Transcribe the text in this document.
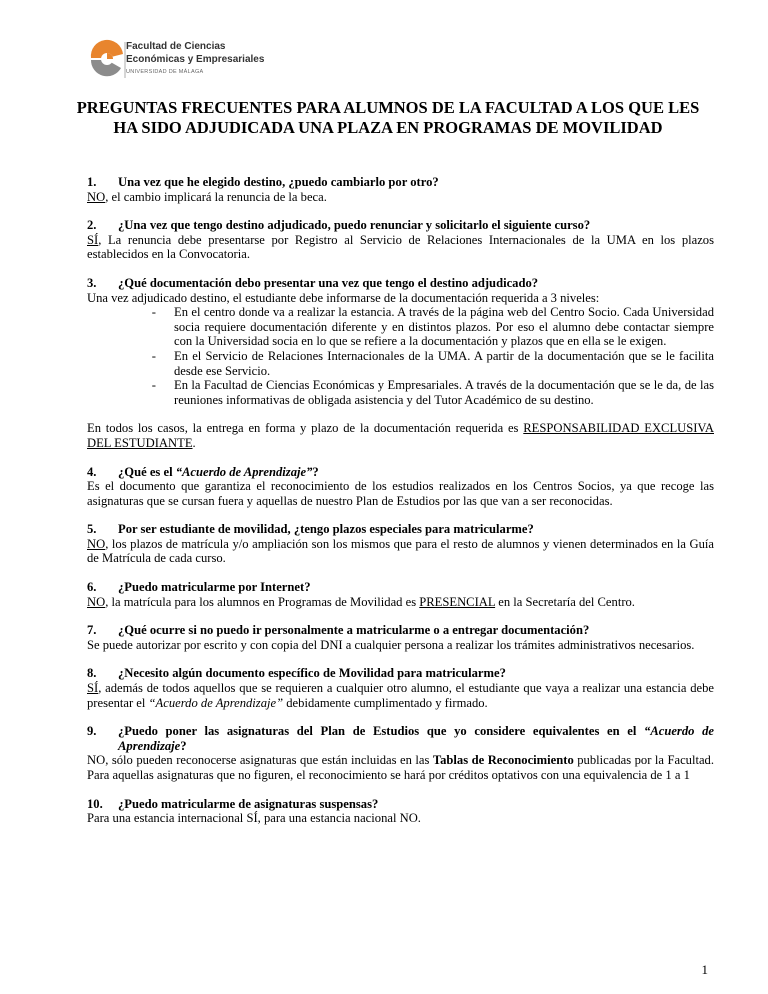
Facultad de Ciencias
Económicas y Empresariales
UNIVERSIDAD DE MÁLAGA
PREGUNTAS FRECUENTES PARA ALUMNOS DE LA FACULTAD A LOS QUE LES HA SIDO ADJUDICADA UNA PLAZA EN PROGRAMAS DE MOVILIDAD
1.	Una vez que he elegido destino, ¿puedo cambiarlo por otro?
NO, el cambio implicará la renuncia de la beca.
2.	¿Una vez que tengo destino adjudicado, puedo renunciar y solicitarlo el siguiente curso?
SÍ, La renuncia debe presentarse por Registro al Servicio de Relaciones Internacionales de la UMA en los plazos establecidos en la Convocatoria.
3.	¿Qué documentación debo presentar una vez que tengo el destino adjudicado?
Una vez adjudicado destino, el estudiante debe informarse de la documentación requerida a 3 niveles:
-	En el centro donde va a realizar la estancia. A través de la página web del Centro Socio. Cada Universidad socia requiere documentación diferente y en distintos plazos. Por eso el alumno debe contactar siempre con la Universidad socia en lo que se refiere a la documentación y plazos que en ella se le exigen.
-	En el Servicio de Relaciones Internacionales de la UMA. A partir de la documentación que se le facilita desde ese Servicio.
-	En la Facultad de Ciencias Económicas y Empresariales. A través de la documentación que se le da, de las reuniones informativas de obligada asistencia y del Tutor Académico de su destino.
En todos los casos, la entrega en forma y plazo de la documentación requerida es RESPONSABILIDAD EXCLUSIVA DEL ESTUDIANTE.
4.	¿Qué es el “Acuerdo de Aprendizaje”?
Es el documento que garantiza el reconocimiento de los estudios realizados en los Centros Socios, ya que recoge las asignaturas que se cursan fuera y aquellas de nuestro Plan de Estudios por las que van a ser reconocidas.
5.	Por ser estudiante de movilidad, ¿tengo plazos especiales para matricularme?
NO, los plazos de matrícula y/o ampliación son los mismos que para el resto de alumnos y vienen determinados en la Guía de Matrícula de cada curso.
6.	¿Puedo matricularme por Internet?
NO, la matrícula para los alumnos en Programas de Movilidad es PRESENCIAL en la Secretaría del Centro.
7.	¿Qué ocurre si no puedo ir personalmente a matricularme o a entregar documentación?
Se puede autorizar por escrito y con copia del DNI a cualquier persona a realizar los trámites administrativos necesarios.
8.	¿Necesito algún documento específico de Movilidad para matricularme?
SÍ, además de todos aquellos que se requieren a cualquier otro alumno, el estudiante que vaya a realizar una estancia debe presentar el “Acuerdo de Aprendizaje” debidamente cumplimentado y firmado.
9.	¿Puedo poner las asignaturas del Plan de Estudios que yo considere equivalentes en el “Acuerdo de Aprendizaje?
NO, sólo pueden reconocerse asignaturas que están incluidas en las Tablas de Reconocimiento publicadas por la Facultad. Para aquellas asignaturas que no figuren, el reconocimiento se hará por créditos optativos con una equivalencia de 1 a 1
10.	¿Puedo matricularme de asignaturas suspensas?
Para una estancia internacional SÍ, para una estancia nacional NO.
1
